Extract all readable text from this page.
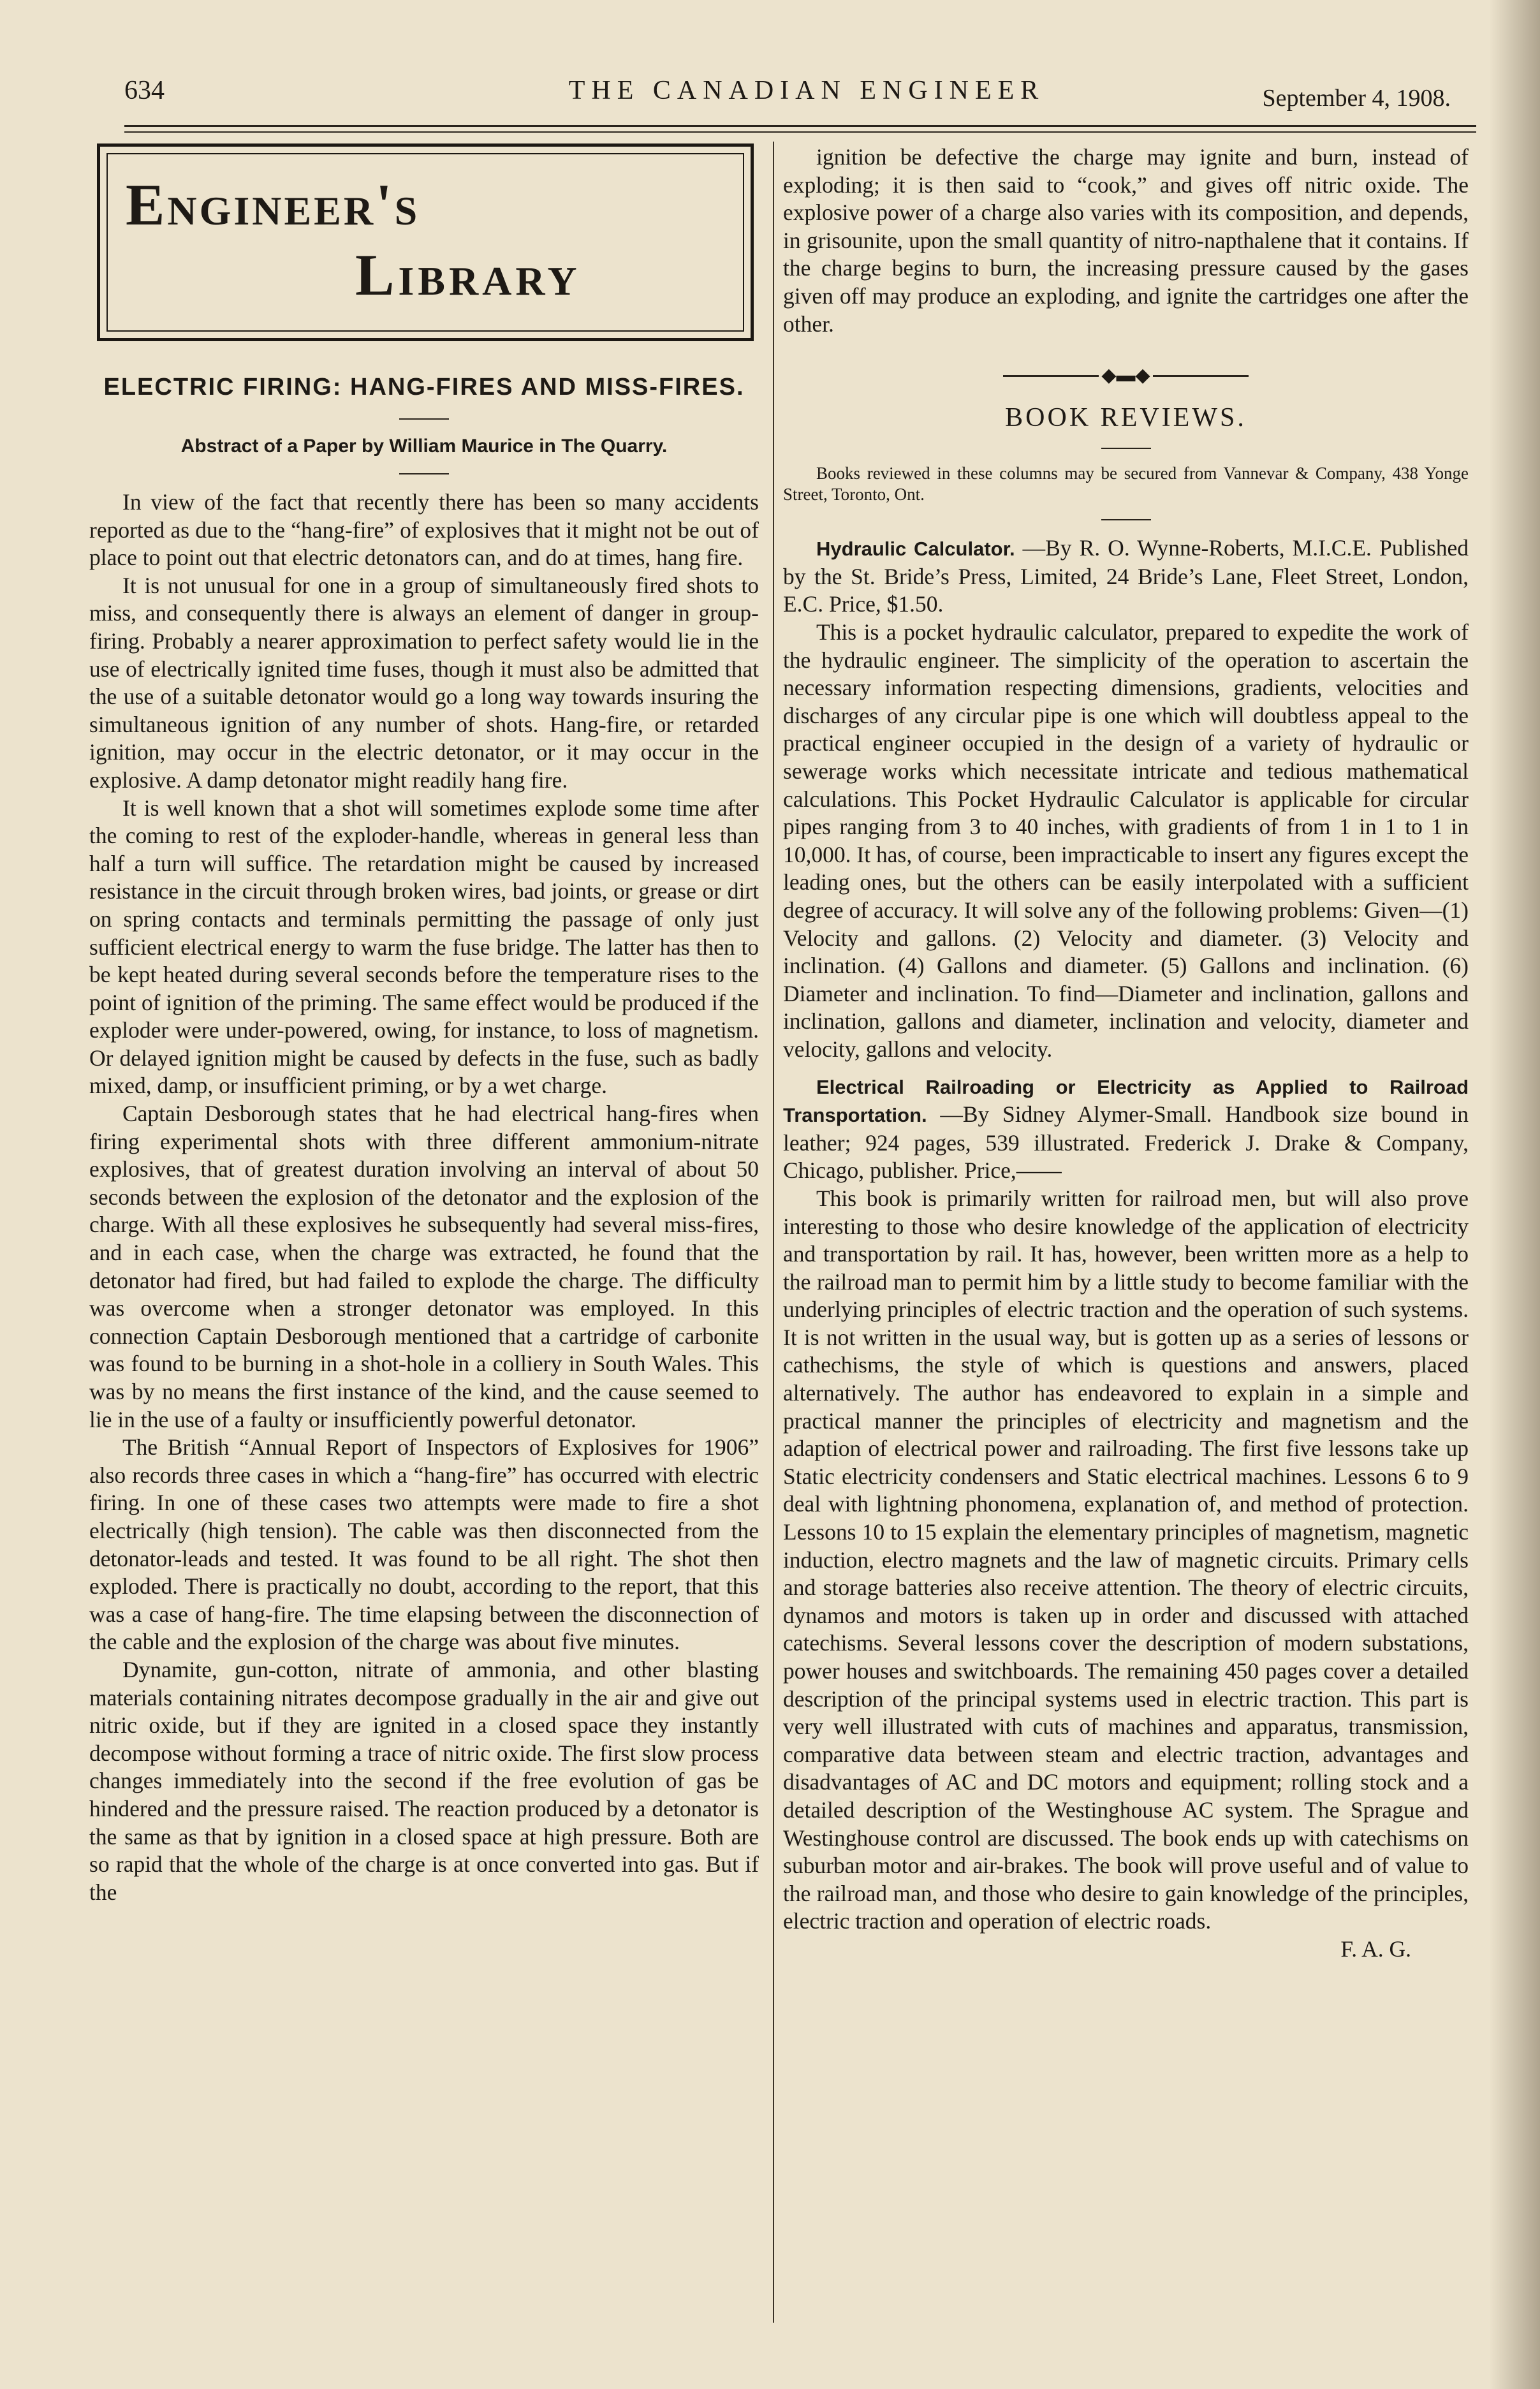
634	THE CANADIAN ENGINEER	September 4, 1908.
Engineer's
Library
ELECTRIC FIRING: HANG-FIRES AND MISS-FIRES.
Abstract of a Paper by William Maurice in The Quarry.

In view of the fact that recently there has been so many accidents reported as due to the “hang-fire” of explosives that it might not be out of place to point out that electric detonators can, and do at times, hang fire.

It is not unusual for one in a group of simultaneously fired shots to miss, and consequently there is always an element of danger in group-firing. Probably a nearer approximation to perfect safety would lie in the use of electrically ignited time fuses, though it must also be admitted that the use of a suitable detonator would go a long way towards insuring the simultaneous ignition of any number of shots. Hang-fire, or retarded ignition, may occur in the electric detonator, or it may occur in the explosive. A damp detonator might readily hang fire.

It is well known that a shot will sometimes explode some time after the coming to rest of the exploder-handle, whereas in general less than half a turn will suffice. The retardation might be caused by increased resistance in the circuit through broken wires, bad joints, or grease or dirt on spring contacts and terminals permitting the passage of only just sufficient electrical energy to warm the fuse bridge. The latter has then to be kept heated during several seconds before the temperature rises to the point of ignition of the priming. The same effect would be produced if the exploder were under-powered, owing, for instance, to loss of magnetism. Or delayed ignition might be caused by defects in the fuse, such as badly mixed, damp, or insufficient priming, or by a wet charge.

Captain Desborough states that he had electrical hang-fires when firing experimental shots with three different ammonium-nitrate explosives, that of greatest duration involving an interval of about 50 seconds between the explosion of the detonator and the explosion of the charge. With all these explosives he subsequently had several miss-fires, and in each case, when the charge was extracted, he found that the detonator had fired, but had failed to explode the charge. The difficulty was overcome when a stronger detonator was employed. In this connection Captain Desborough mentioned that a cartridge of carbonite was found to be burning in a shot-hole in a colliery in South Wales. This was by no means the first instance of the kind, and the cause seemed to lie in the use of a faulty or insufficiently powerful detonator.

The British “Annual Report of Inspectors of Explosives for 1906” also records three cases in which a “hang-fire” has occurred with electric firing. In one of these cases two attempts were made to fire a shot electrically (high tension). The cable was then disconnected from the detonator-leads and tested. It was found to be all right. The shot then exploded. There is practically no doubt, according to the report, that this was a case of hang-fire. The time elapsing between the disconnection of the cable and the explosion of the charge was about five minutes.

Dynamite, gun-cotton, nitrate of ammonia, and other blasting materials containing nitrates decompose gradually in the air and give out nitric oxide, but if they are ignited in a closed space they instantly decompose without forming a trace of nitric oxide. The first slow process changes immediately into the second if the free evolution of gas be hindered and the pressure raised. The reaction produced by a detonator is the same as that by ignition in a closed space at high pressure. Both are so rapid that the whole of the charge is at once converted into gas. But if the

ignition be defective the charge may ignite and burn, instead of exploding; it is then said to “cook,” and gives off nitric oxide. The explosive power of a charge also varies with its composition, and depends, in grisounite, upon the small quantity of nitro-napthalene that it contains. If the charge begins to burn, the increasing pressure caused by the gases given off may produce an exploding, and ignite the cartridges one after the other.

◆▬◆
BOOK REVIEWS.

Books reviewed in these columns may be secured from Vannevar & Company, 438 Yonge Street, Toronto, Ont.

Hydraulic Calculator. —By R. O. Wynne-Roberts, M.I.C.E. Published by the St. Bride’s Press, Limited, 24 Bride’s Lane, Fleet Street, London, E.C. Price, $1.50.

This is a pocket hydraulic calculator, prepared to expedite the work of the hydraulic engineer. The simplicity of the operation to ascertain the necessary information respecting dimensions, gradients, velocities and discharges of any circular pipe is one which will doubtless appeal to the practical engineer occupied in the design of a variety of hydraulic or sewerage works which necessitate intricate and tedious mathematical calculations. This Pocket Hydraulic Calculator is applicable for circular pipes ranging from 3 to 40 inches, with gradients of from 1 in 1 to 1 in 10,000. It has, of course, been impracticable to insert any figures except the leading ones, but the others can be easily interpolated with a sufficient degree of accuracy. It will solve any of the following problems: Given—(1) Velocity and gallons. (2) Velocity and diameter. (3) Velocity and inclination. (4) Gallons and diameter. (5) Gallons and inclination. (6) Diameter and inclination. To find—Diameter and inclination, gallons and inclination, gallons and diameter, inclination and velocity, diameter and velocity, gallons and velocity.

Electrical Railroading or Electricity as Applied to Railroad Transportation. —By Sidney Alymer-Small. Handbook size bound in leather; 924 pages, 539 illustrated. Frederick J. Drake & Company, Chicago, publisher. Price,——

This book is primarily written for railroad men, but will also prove interesting to those who desire knowledge of the application of electricity and transportation by rail. It has, however, been written more as a help to the railroad man to permit him by a little study to become familiar with the underlying principles of electric traction and the operation of such systems. It is not written in the usual way, but is gotten up as a series of lessons or cathechisms, the style of which is questions and answers, placed alternatively. The author has endeavored to explain in a simple and practical manner the principles of electricity and magnetism and the adaption of electrical power and railroading. The first five lessons take up Static electricity condensers and Static electrical machines. Lessons 6 to 9 deal with lightning phonomena, explanation of, and method of protection. Lessons 10 to 15 explain the elementary principles of magnetism, magnetic induction, electro magnets and the law of magnetic circuits. Primary cells and storage batteries also receive attention. The theory of electric circuits, dynamos and motors is taken up in order and discussed with attached catechisms. Several lessons cover the description of modern substations, power houses and switchboards. The remaining 450 pages cover a detailed description of the principal systems used in electric traction. This part is very well illustrated with cuts of machines and apparatus, transmission, comparative data between steam and electric traction, advantages and disadvantages of AC and DC motors and equipment; rolling stock and a detailed description of the Westinghouse AC system. The Sprague and Westinghouse control are discussed. The book ends up with catechisms on suburban motor and air-brakes. The book will prove useful and of value to the railroad man, and those who desire to gain knowledge of the principles, electric traction and operation of electric roads.

F. A. G.
